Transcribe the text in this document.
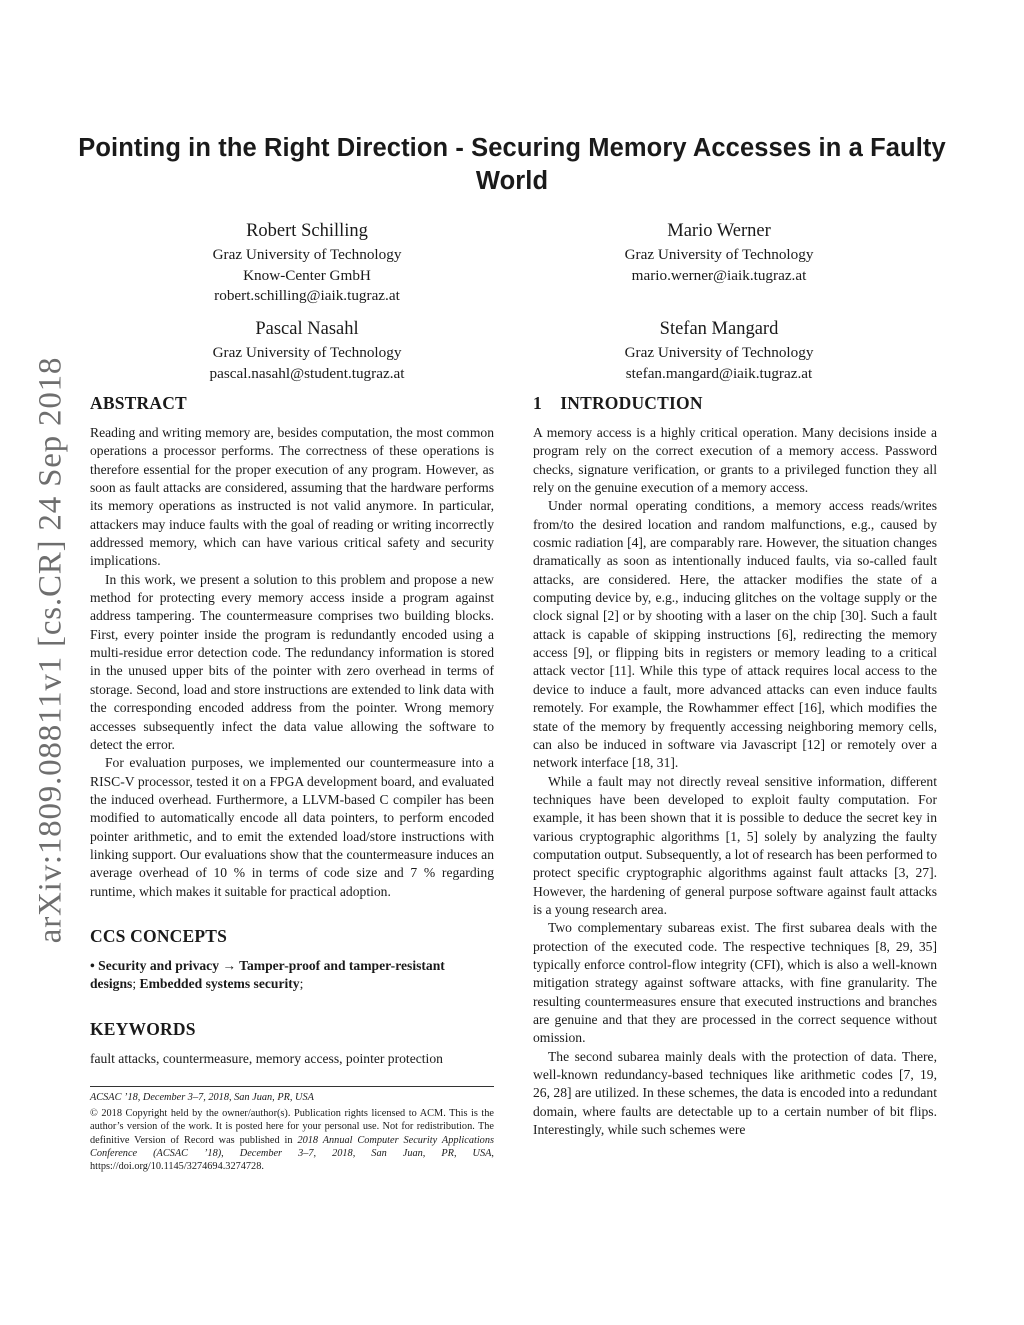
Pointing in the Right Direction - Securing Memory Accesses in a Faulty World
Robert Schilling
Graz University of Technology
Know-Center GmbH
robert.schilling@iaik.tugraz.at
Mario Werner
Graz University of Technology
mario.werner@iaik.tugraz.at
Pascal Nasahl
Graz University of Technology
pascal.nasahl@student.tugraz.at
Stefan Mangard
Graz University of Technology
stefan.mangard@iaik.tugraz.at
arXiv:1809.08811v1 [cs.CR] 24 Sep 2018 ABSTRACT

Reading and writing memory are, besides computation, the most common operations a processor performs. The correctness of these operations is therefore essential for the proper execution of any program. However, as soon as fault attacks are considered, assuming that the hardware performs its memory operations as instructed is not valid anymore. In particular, attackers may induce faults with the goal of reading or writing incorrectly addressed memory, which can have various critical safety and security implications.

In this work, we present a solution to this problem and propose a new method for protecting every memory access inside a program against address tampering. The countermeasure comprises two building blocks. First, every pointer inside the program is redundantly encoded using a multi-residue error detection code. The redundancy information is stored in the unused upper bits of the pointer with zero overhead in terms of storage. Second, load and store instructions are extended to link data with the corresponding encoded address from the pointer. Wrong memory accesses subsequently infect the data value allowing the software to detect the error.

For evaluation purposes, we implemented our countermeasure into a RISC-V processor, tested it on a FPGA development board, and evaluated the induced overhead. Furthermore, a LLVM-based C compiler has been modified to automatically encode all data pointers, to perform encoded pointer arithmetic, and to emit the extended load/store instructions with linking support. Our evaluations show that the countermeasure induces an average overhead of 10 % in terms of code size and 7 % regarding runtime, which makes it suitable for practical adoption.

CCS CONCEPTS
• Security and privacy → Tamper-proof and tamper-resistant designs; Embedded systems security;
KEYWORDS

fault attacks, countermeasure, memory access, pointer protection

ACSAC ’18, December 3–7, 2018, San Juan, PR, USA
© 2018 Copyright held by the owner/author(s). Publication rights licensed to ACM. This is the author’s version of the work. It is posted here for your personal use. Not for redistribution. The definitive Version of Record was published in 2018 Annual Computer Security Applications Conference (ACSAC ’18), December 3–7, 2018, San Juan, PR, USA, https://doi.org/10.1145/3274694.3274728.
1    INTRODUCTION

A memory access is a highly critical operation. Many decisions inside a program rely on the correct execution of a memory access. Password checks, signature verification, or grants to a privileged function they all rely on the genuine execution of a memory access.

Under normal operating conditions, a memory access reads/writes from/to the desired location and random malfunctions, e.g., caused by cosmic radiation [4], are comparably rare. However, the situation changes dramatically as soon as intentionally induced faults, via so-called fault attacks, are considered. Here, the attacker modifies the state of a computing device by, e.g., inducing glitches on the voltage supply or the clock signal [2] or by shooting with a laser on the chip [30]. Such a fault attack is capable of skipping instructions [6], redirecting the memory access [9], or flipping bits in registers or memory leading to a critical attack vector [11]. While this type of attack requires local access to the device to induce a fault, more advanced attacks can even induce faults remotely. For example, the Rowhammer effect [16], which modifies the state of the memory by frequently accessing neighboring memory cells, can also be induced in software via Javascript [12] or remotely over a network interface [18, 31].

While a fault may not directly reveal sensitive information, different techniques have been developed to exploit faulty computation. For example, it has been shown that it is possible to deduce the secret key in various cryptographic algorithms [1, 5] solely by analyzing the faulty computation output. Subsequently, a lot of research has been performed to protect specific cryptographic algorithms against fault attacks [3, 27]. However, the hardening of general purpose software against fault attacks is a young research area.

Two complementary subareas exist. The first subarea deals with the protection of the executed code. The respective techniques [8, 29, 35] typically enforce control-flow integrity (CFI), which is also a well-known mitigation strategy against software attacks, with fine granularity. The resulting countermeasures ensure that executed instructions and branches are genuine and that they are processed in the correct sequence without omission.

The second subarea mainly deals with the protection of data. There, well-known redundancy-based techniques like arithmetic codes [7, 19, 26, 28] are utilized. In these schemes, the data is encoded into a redundant domain, where faults are detectable up to a certain number of bit flips. Interestingly, while such schemes were
